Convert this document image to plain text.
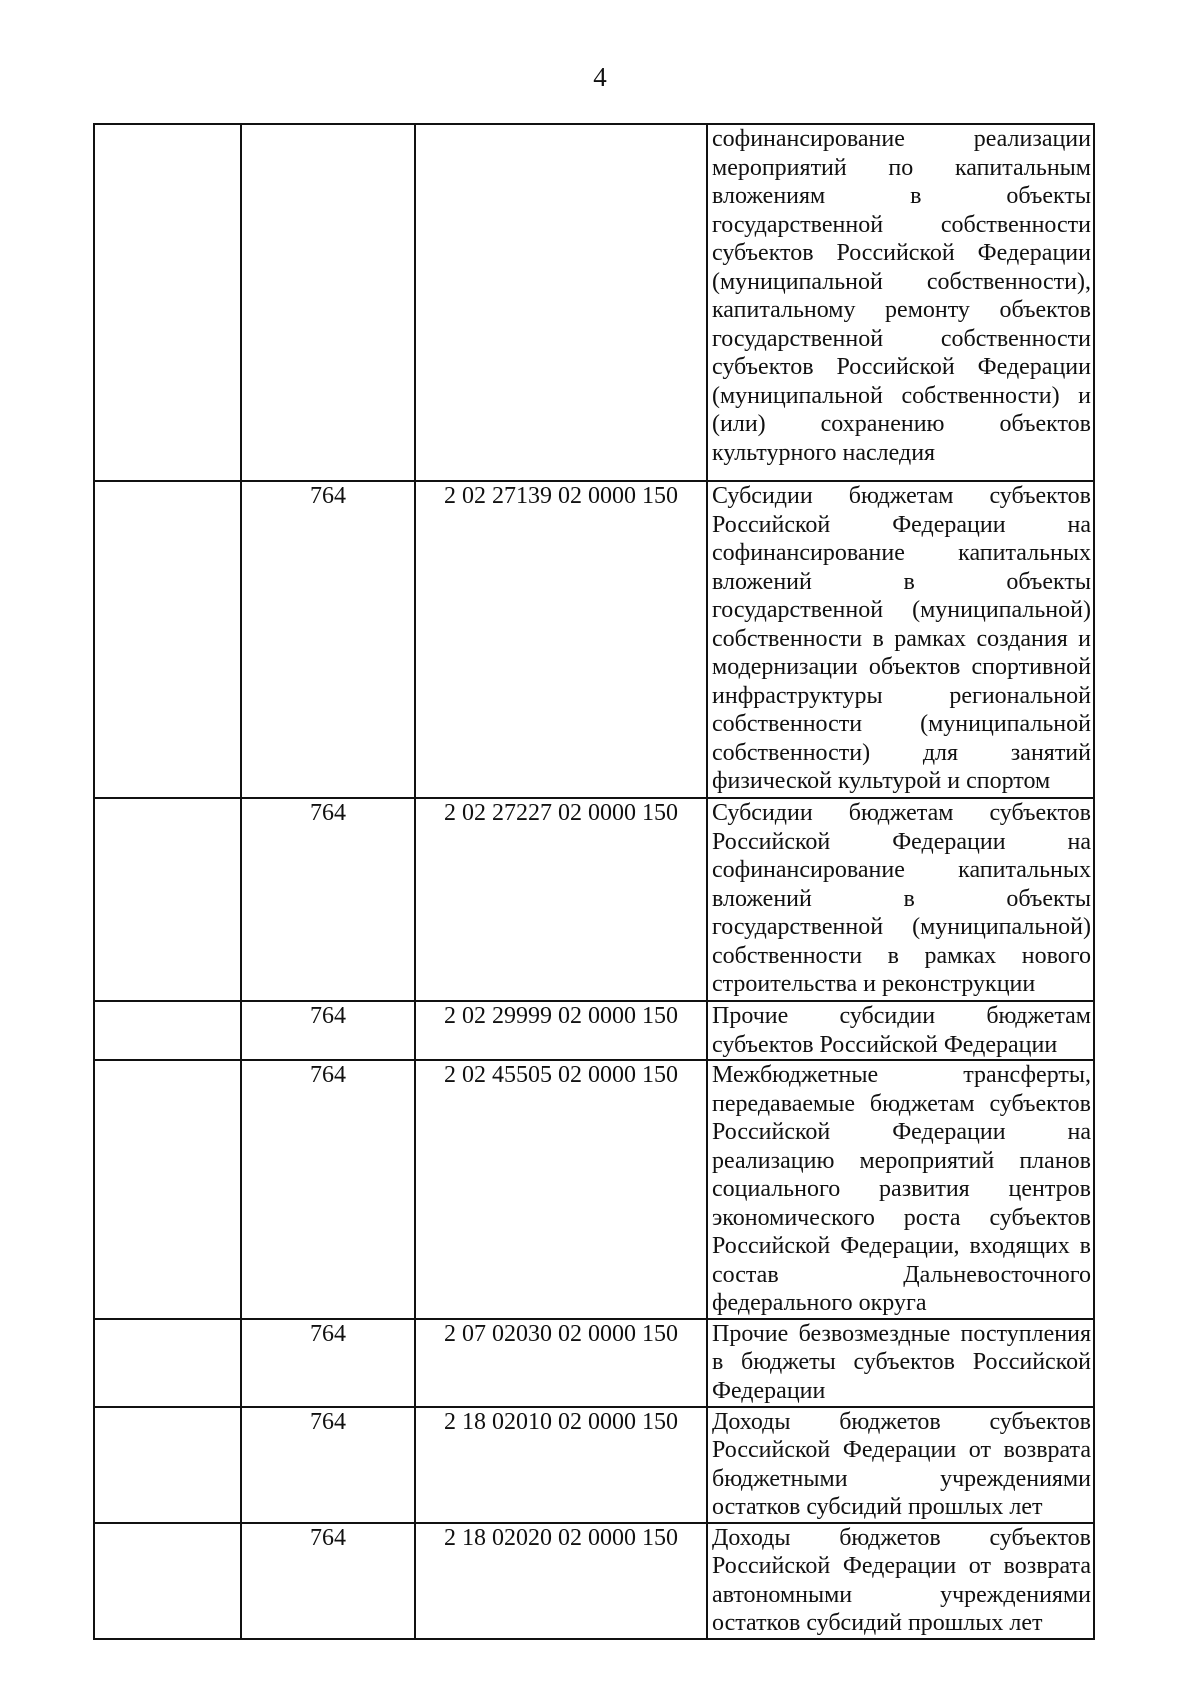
4

			софинансирование реализации мероприятий по капитальным вложениям в объекты государственной собственности субъектов Российской Федерации (муниципальной собственности), капитальному ремонту объектов государственной собственности субъектов Российской Федерации (муниципальной собственности) и (или) сохранению объектов культурного наследия

	764	2 02 27139 02 0000 150	Субсидии бюджетам субъектов Российской Федерации на софинансирование капитальных вложений в объекты государственной (муниципальной) собственности в рамках создания и модернизации объектов спортивной инфраструктуры региональной собственности (муниципальной собственности) для занятий физической культурой и спортом

	764	2 02 27227 02 0000 150	Субсидии бюджетам субъектов Российской Федерации на софинансирование капитальных вложений в объекты государственной (муниципальной) собственности в рамках нового строительства и реконструкции

	764	2 02 29999 02 0000 150	Прочие субсидии бюджетам субъектов Российской Федерации

	764	2 02 45505 02 0000 150	Межбюджетные трансферты, передаваемые бюджетам субъектов Российской Федерации на реализацию мероприятий планов социального развития центров экономического роста субъектов Российской Федерации, входящих в состав Дальневосточного федерального округа

	764	2 07 02030 02 0000 150	Прочие безвозмездные поступления в бюджеты субъектов Российской Федерации

	764	2 18 02010 02 0000 150	Доходы бюджетов субъектов Российской Федерации от возврата бюджетными учреждениями остатков субсидий прошлых лет

	764	2 18 02020 02 0000 150	Доходы бюджетов субъектов Российской Федерации от возврата автономными учреждениями остатков субсидий прошлых лет
